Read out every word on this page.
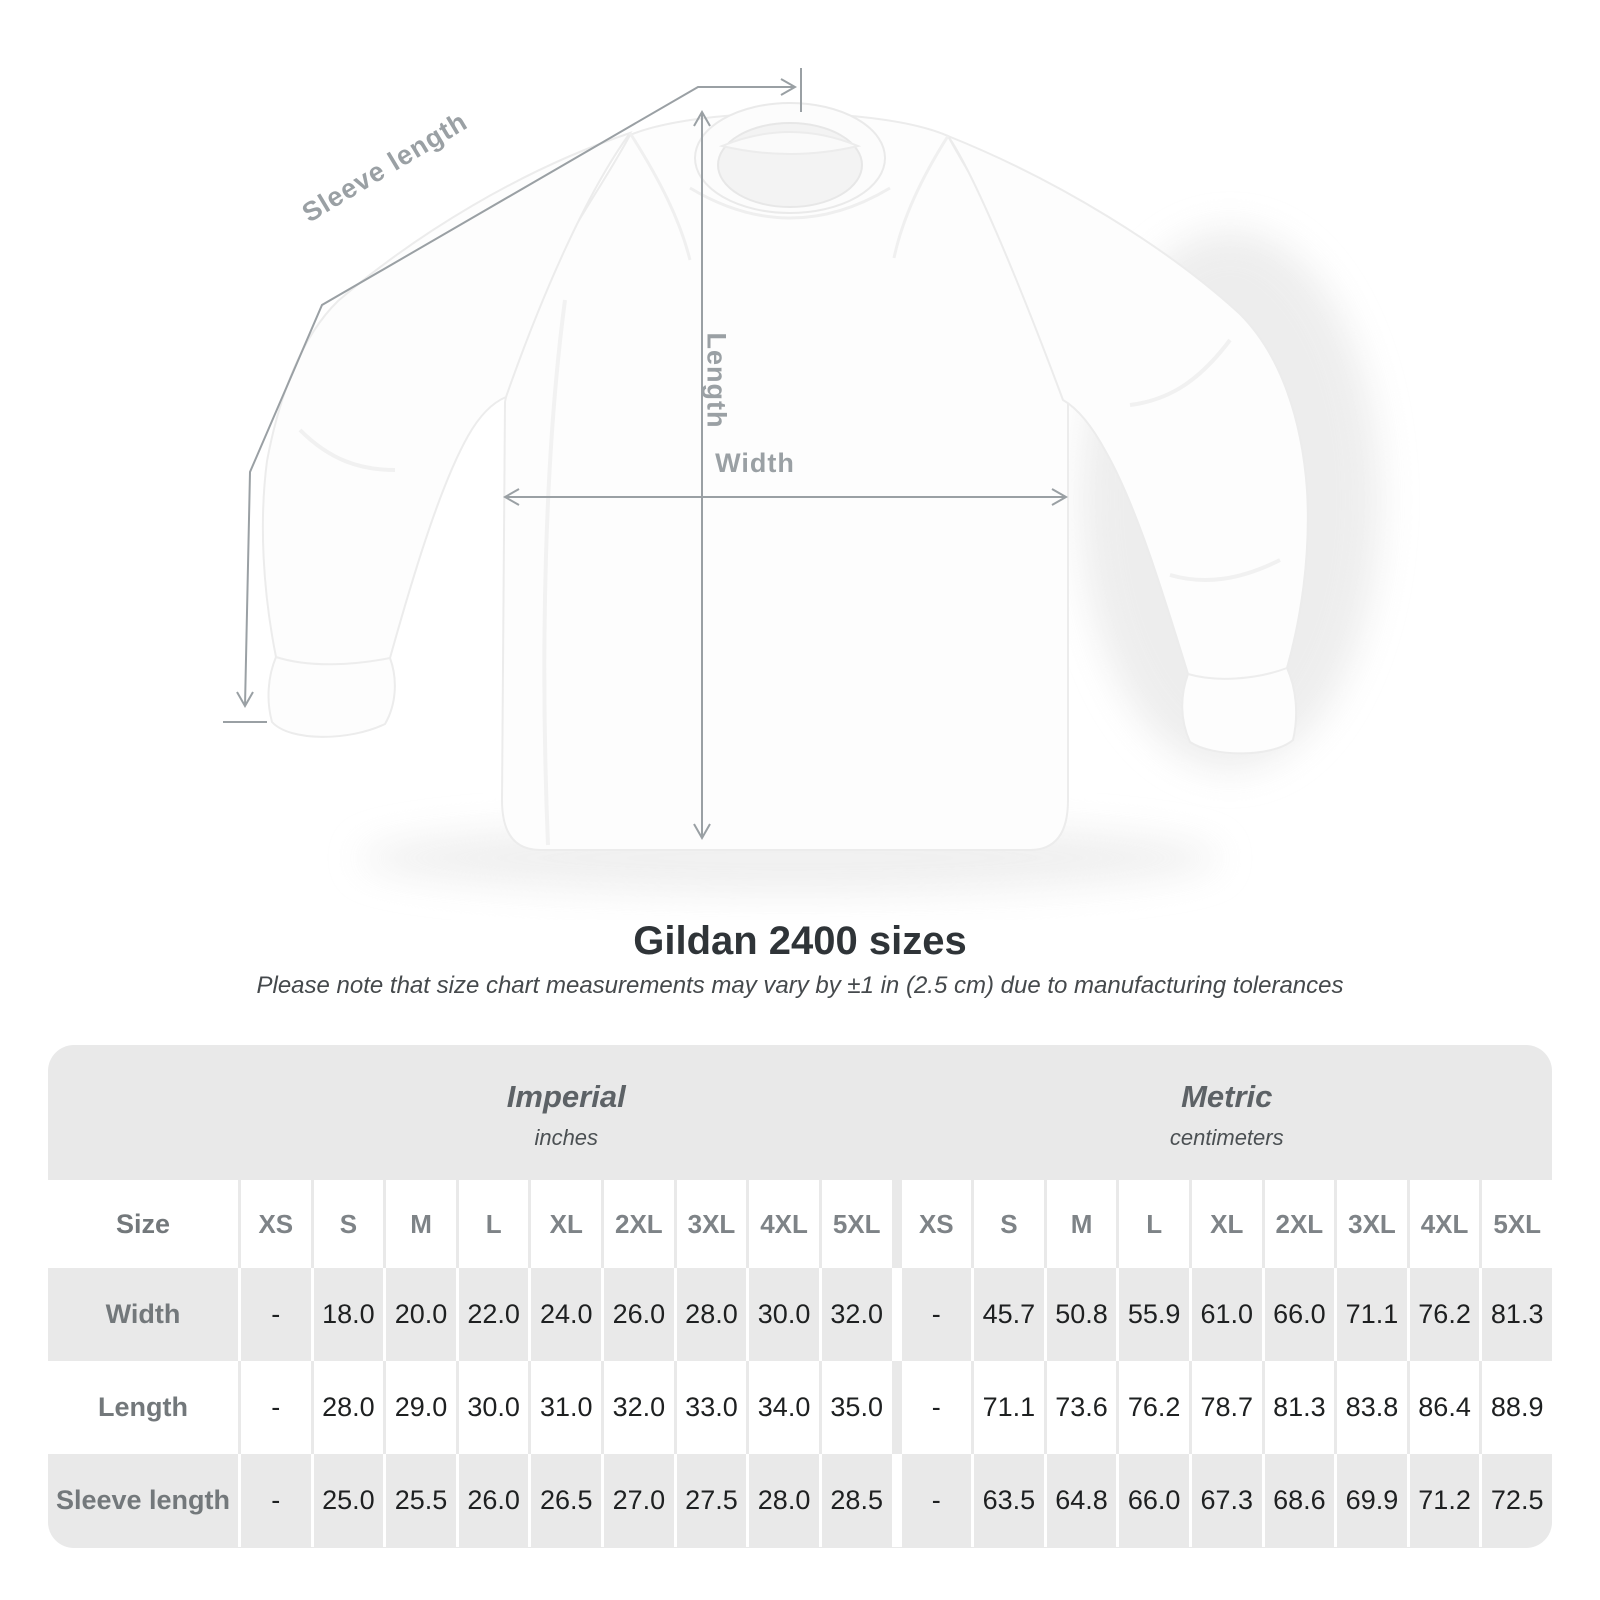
Sleeve length
Length
Width
Gildan 2400 sizes

Please note that size chart measurements may vary by ±1 in (2.5 cm) due to manufacturing tolerances

Imperial
inches
Metric
centimeters
Size	XS	S	M	L	XL	2XL 3XL 4XL 5XL	XS	S	M	L	XL	2XL 3XL 4XL 5XL
Width	-	18.0 20.0 22.0 24.0 26.0 28.0 30.0 32.0	-	45.7 50.8 55.9 61.0 66.0 71.1 76.2 81.3
Length	-	28.0 29.0 30.0 31.0 32.0 33.0 34.0 35.0	-	71.1 73.6 76.2 78.7 81.3 83.8 86.4 88.9
Sleeve length	-	25.0 25.5 26.0 26.5 27.0 27.5 28.0 28.5	-	63.5 64.8 66.0 67.3 68.6 69.9 71.2 72.5
